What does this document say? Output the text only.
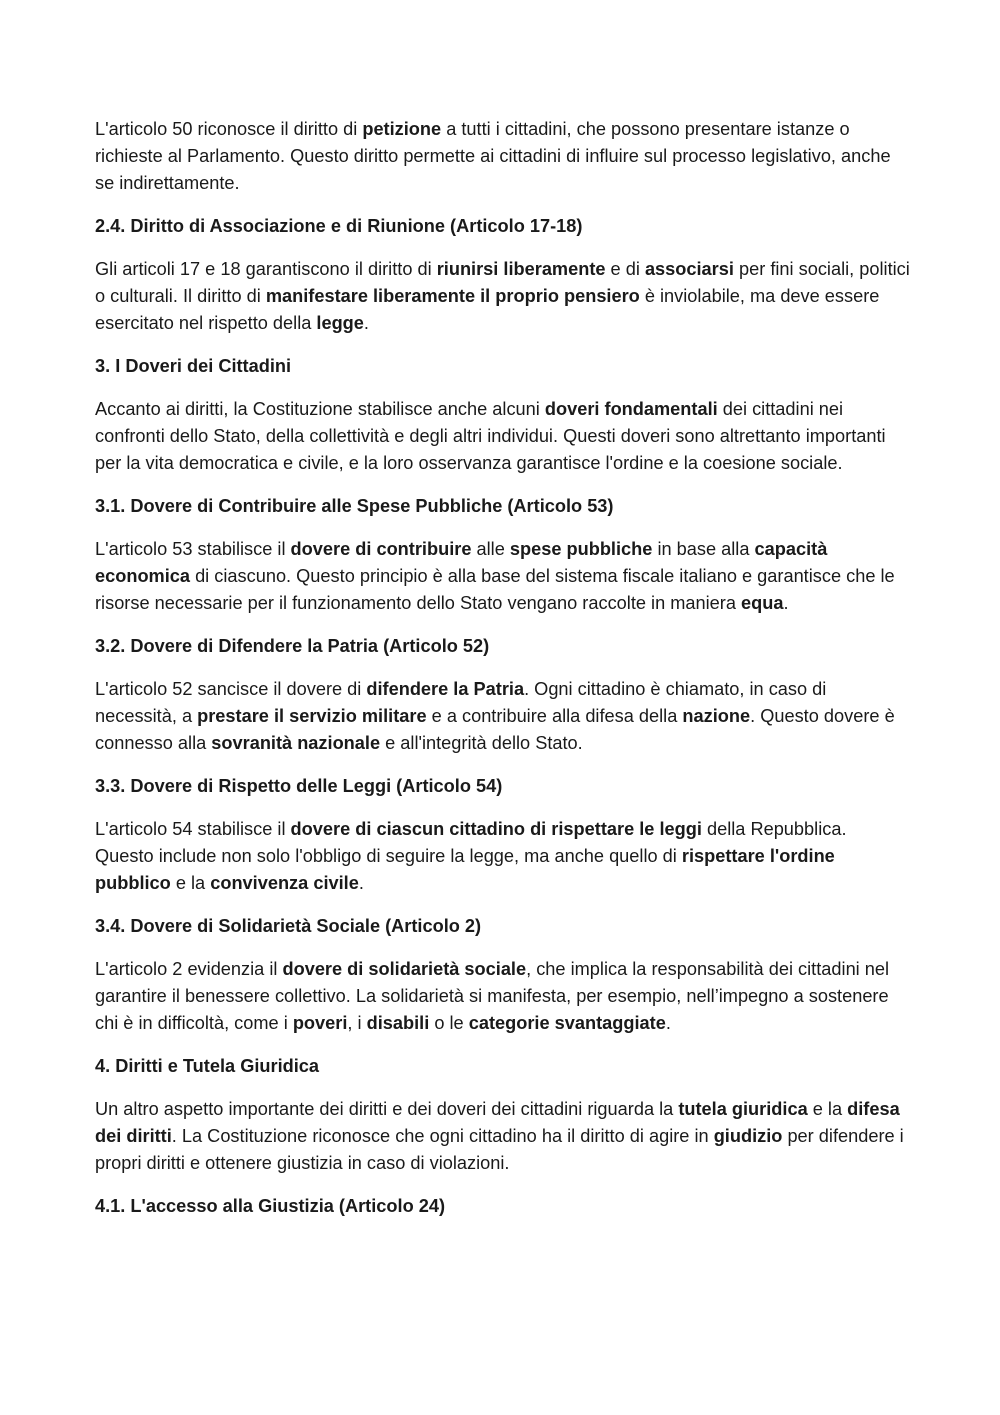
L'articolo 50 riconosce il diritto di petizione a tutti i cittadini, che possono presentare istanze o richieste al Parlamento. Questo diritto permette ai cittadini di influire sul processo legislativo, anche se indirettamente.

2.4. Diritto di Associazione e di Riunione (Articolo 17-18)

Gli articoli 17 e 18 garantiscono il diritto di riunirsi liberamente e di associarsi per fini sociali, politici o culturali. Il diritto di manifestare liberamente il proprio pensiero è inviolabile, ma deve essere esercitato nel rispetto della legge.

3. I Doveri dei Cittadini

Accanto ai diritti, la Costituzione stabilisce anche alcuni doveri fondamentali dei cittadini nei confronti dello Stato, della collettività e degli altri individui. Questi doveri sono altrettanto importanti per la vita democratica e civile, e la loro osservanza garantisce l'ordine e la coesione sociale.

3.1. Dovere di Contribuire alle Spese Pubbliche (Articolo 53)

L'articolo 53 stabilisce il dovere di contribuire alle spese pubbliche in base alla capacità economica di ciascuno. Questo principio è alla base del sistema fiscale italiano e garantisce che le risorse necessarie per il funzionamento dello Stato vengano raccolte in maniera equa.

3.2. Dovere di Difendere la Patria (Articolo 52)

L'articolo 52 sancisce il dovere di difendere la Patria. Ogni cittadino è chiamato, in caso di necessità, a prestare il servizio militare e a contribuire alla difesa della nazione. Questo dovere è connesso alla sovranità nazionale e all'integrità dello Stato.

3.3. Dovere di Rispetto delle Leggi (Articolo 54)

L'articolo 54 stabilisce il dovere di ciascun cittadino di rispettare le leggi della Repubblica. Questo include non solo l'obbligo di seguire la legge, ma anche quello di rispettare l'ordine pubblico e la convivenza civile.

3.4. Dovere di Solidarietà Sociale (Articolo 2)

L'articolo 2 evidenzia il dovere di solidarietà sociale, che implica la responsabilità dei cittadini nel garantire il benessere collettivo. La solidarietà si manifesta, per esempio, nell’impegno a sostenere chi è in difficoltà, come i poveri, i disabili o le categorie svantaggiate.

4. Diritti e Tutela Giuridica

Un altro aspetto importante dei diritti e dei doveri dei cittadini riguarda la tutela giuridica e la difesa dei diritti. La Costituzione riconosce che ogni cittadino ha il diritto di agire in giudizio per difendere i propri diritti e ottenere giustizia in caso di violazioni.

4.1. L'accesso alla Giustizia (Articolo 24)
